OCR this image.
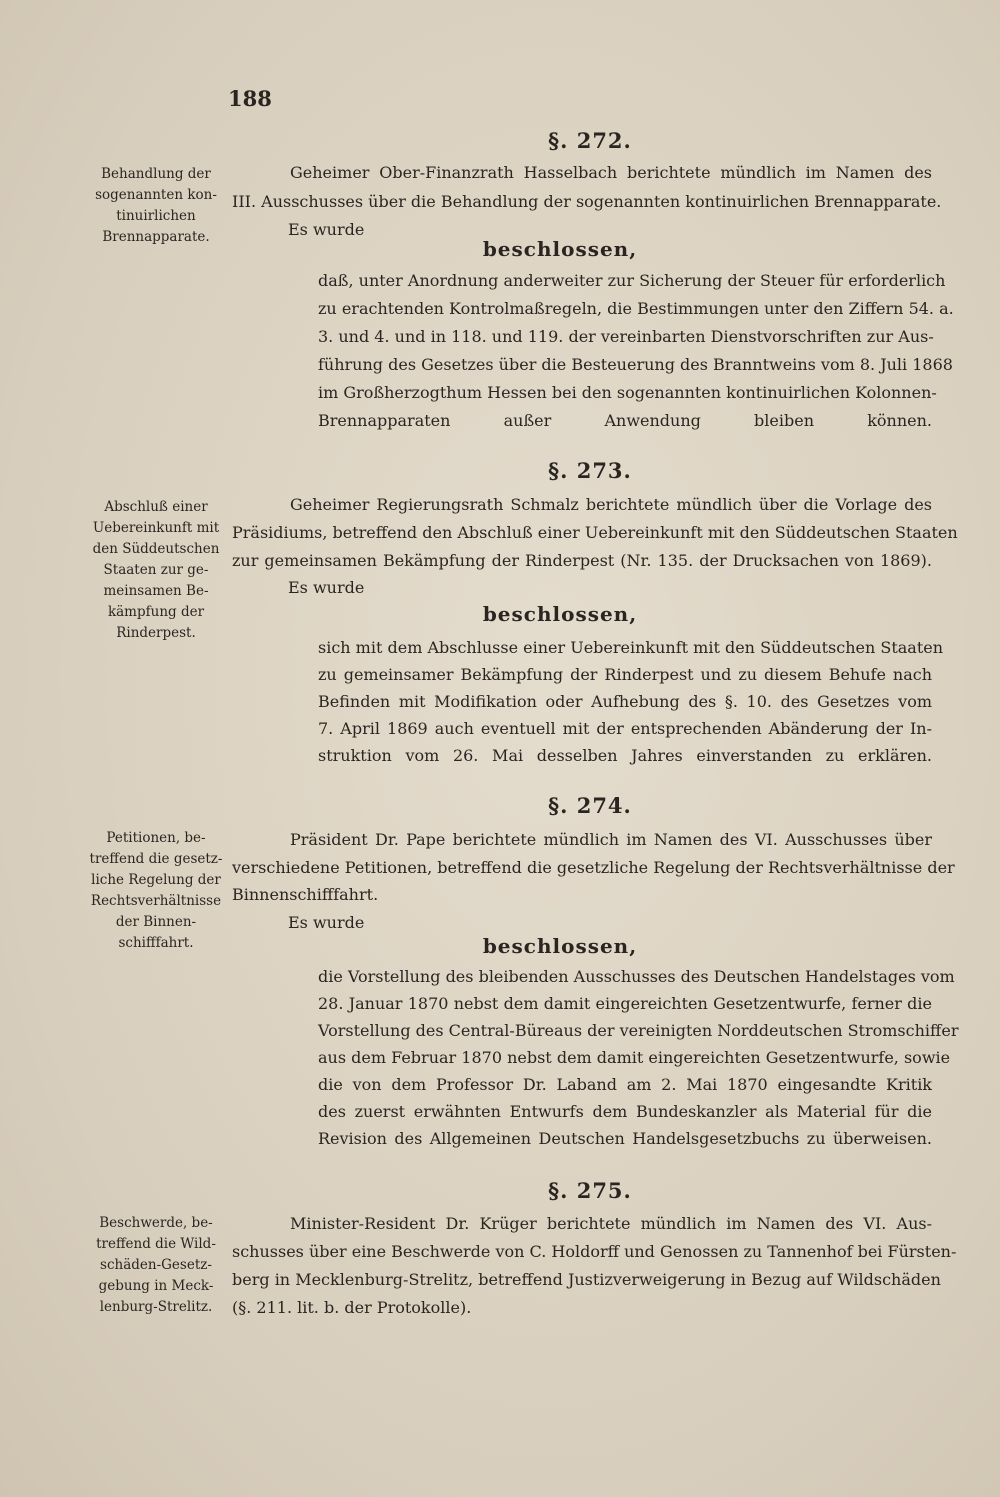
188
§. 272.
Behandlung der
sogenannten kon-
tinuirlichen
Brennapparate.
Geheimer Ober-Finanzrath Hasselbach berichtete mündlich im Namen des
III. Ausschusses über die Behandlung der sogenannten kontinuirlichen Brennapparate.
Es wurde
beschlossen,
daß, unter Anordnung anderweiter zur Sicherung der Steuer für erforderlich
zu erachtenden Kontrolmaßregeln, die Bestimmungen unter den Ziffern 54. a.
3. und 4. und in 118. und 119. der vereinbarten Dienstvorschriften zur Aus-
führung des Gesetzes über die Besteuerung des Branntweins vom 8. Juli 1868
im Großherzogthum Hessen bei den sogenannten kontinuirlichen Kolonnen-
Brennapparaten außer Anwendung bleiben können.
§. 273.
Abschluß einer
Uebereinkunft mit
den Süddeutschen
Staaten zur ge-
meinsamen Be-
kämpfung der
Rinderpest.
Geheimer Regierungsrath Schmalz berichtete mündlich über die Vorlage des
Präsidiums, betreffend den Abschluß einer Uebereinkunft mit den Süddeutschen Staaten
zur gemeinsamen Bekämpfung der Rinderpest (Nr. 135. der Drucksachen von 1869).
Es wurde
beschlossen,
sich mit dem Abschlusse einer Uebereinkunft mit den Süddeutschen Staaten
zu gemeinsamer Bekämpfung der Rinderpest und zu diesem Behufe nach
Befinden mit Modifikation oder Aufhebung des §. 10. des Gesetzes vom
7. April 1869 auch eventuell mit der entsprechenden Abänderung der In-
struktion vom 26. Mai desselben Jahres einverstanden zu erklären.
§. 274.
Petitionen, be-
treffend die gesetz-
liche Regelung der
Rechtsverhältnisse
der Binnen-
schifffahrt.
Präsident Dr. Pape berichtete mündlich im Namen des VI. Ausschusses über
verschiedene Petitionen, betreffend die gesetzliche Regelung der Rechtsverhältnisse der
Binnenschifffahrt.
Es wurde
beschlossen,
die Vorstellung des bleibenden Ausschusses des Deutschen Handelstages vom
28. Januar 1870 nebst dem damit eingereichten Gesetzentwurfe, ferner die
Vorstellung des Central-Büreaus der vereinigten Norddeutschen Stromschiffer
aus dem Februar 1870 nebst dem damit eingereichten Gesetzentwurfe, sowie
die von dem Professor Dr. Laband am 2. Mai 1870 eingesandte Kritik
des zuerst erwähnten Entwurfs dem Bundeskanzler als Material für die
Revision des Allgemeinen Deutschen Handelsgesetzbuchs zu überweisen.
§. 275.
Beschwerde, be-
treffend die Wild-
schäden-Gesetz-
gebung in Meck-
lenburg-Strelitz.
Minister-Resident Dr. Krüger berichtete mündlich im Namen des VI. Aus-
schusses über eine Beschwerde von C. Holdorff und Genossen zu Tannenhof bei Fürsten-
berg in Mecklenburg-Strelitz, betreffend Justizverweigerung in Bezug auf Wildschäden
(§. 211. lit. b. der Protokolle).
